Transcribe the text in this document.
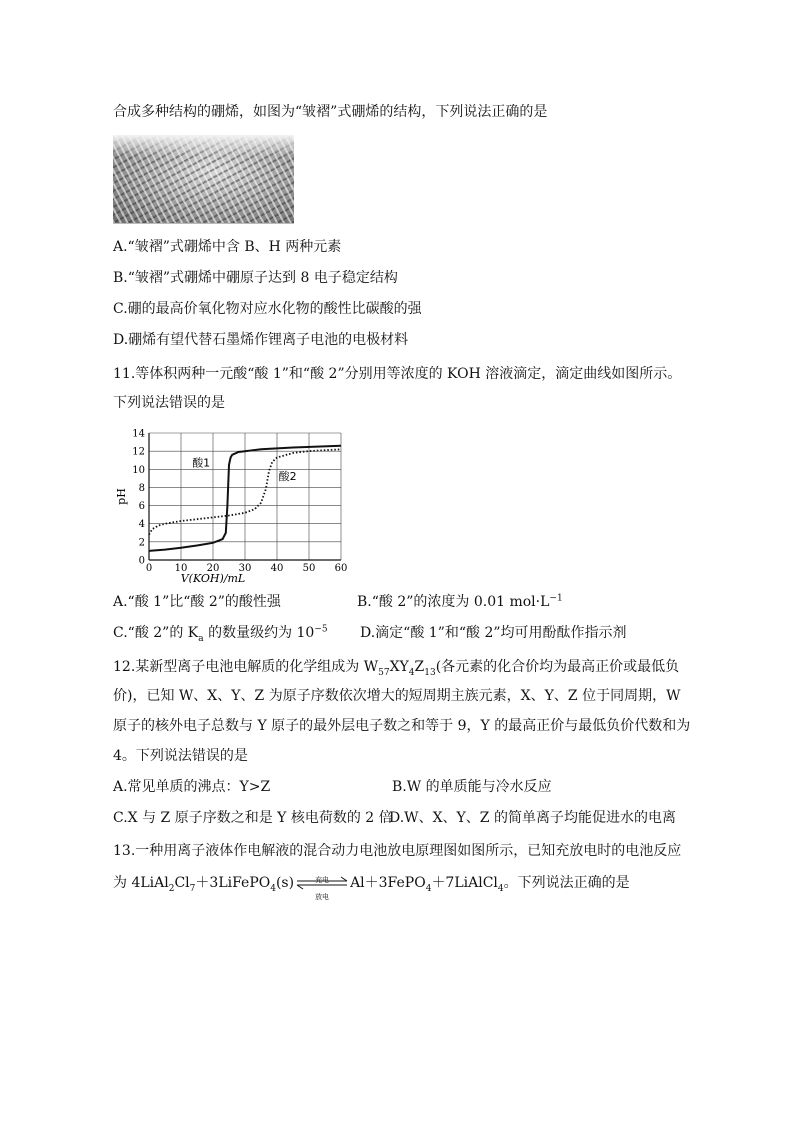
合成多种结构的硼烯，如图为“皱褶”式硼烯的结构，下列说法正确的是
A.“皱褶”式硼烯中含 B、H 两种元素
B.“皱褶”式硼烯中硼原子达到 8 电子稳定结构
C.硼的最高价氧化物对应水化物的酸性比碳酸的强
D.硼烯有望代替石墨烯作锂离子电池的电极材料
11.等体积两种一元酸“酸 1”和“酸 2”分别用等浓度的 KOH 溶液滴定，滴定曲线如图所示。
下列说法错误的是
0 10 20 30 40 50 60
0
2
4
6
8
10
12
14
pH
V(KOH)/mL
酸1
酸2
A.“酸 1”比“酸 2”的酸性强	B.“酸 2”的浓度为 0.01 $mol\cdot L^{-1}$
C.“酸 2”的 $K_a$ 的数量级约为 $10^{-5}$ D.滴定“酸 1”和“酸 2”均可用酚酞作指示剂
12.某新型离子电池电解质的化学组成为 $W_{57}XY_4Z_{13}$(各元素的化合价均为最高正价或最低负
价)，已知 W、X、Y、Z 为原子序数依次增大的短周期主族元素，X、Y、Z 位于同周期，W
原子的核外电子总数与 Y 原子的最外层电子数之和等于 9，Y 的最高正价与最低负价代数和为
4。下列说法错误的是
A.常见单质的沸点：Y>Z	B.W 的单质能与冷水反应
C.X 与 Z 原子序数之和是 Y 核电荷数的 2 倍
D.W、X、Y、Z 的简单离子均能促进水的电离
13.一种用离子液体作电解液的混合动力电池放电原理图如图所示，已知充放电时的电池反应
为 $4LiAl_2Cl_7+3LiFePO_4(s)$	充电
放电
Al＋3FePO$_4$＋7LiAlCl$_4$。下列说法正确的是
